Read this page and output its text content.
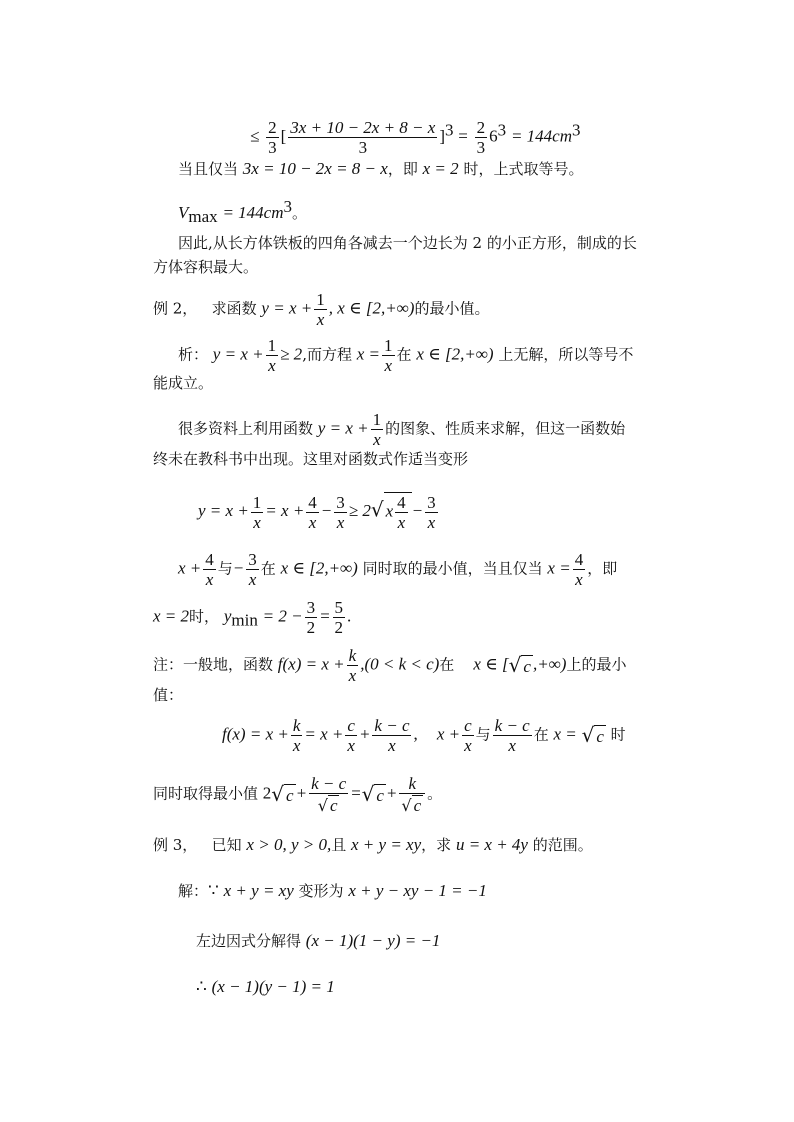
≤ $\frac{2}{3}$ [ $\frac{3x + 10 - 2x + 8 - x}{3} ]^3 = \frac{2}{3} 6^3 = 144cm^3$
当且仅当 3x = 10 − 2x = 8 − x，即 x = 2 时，上式取等号。
$V_{max} = 144cm^3$。
因此,从长方体铁板的四角各减去一个边长为 2 的小正方形，制成的长
方体容积最大。
例 2， 求函数 $y = x + \frac{1}{x}$ , x ∈ [2,+∞)的最小值。
析： $y = x + \frac{1}{x} \ge 2$,而方程 $x = \frac{1}{x}$ 在 x ∈ [2,+∞) 上无解，所以等号不
能成立。
很多资料上利用函数 $y = x + \frac{1}{x}$ 的图象、性质来求解，但这一函数始
终未在教科书中出现。这里对函数式作适当变形
$y = x + \frac{1}{x} = x + \frac{4}{x} - \frac{3}{x} \ge 2√$ x $\frac{4}{x} - \frac{3}{x}$
$x + \frac{4}{x}$ 与− $\frac{3}{x}$ 在 x ∈ [2,+∞) 同时取的最小值，当且仅当 $x = \frac{4}{x}$ ，即
x = 2时， $y_{min} = 2 - \frac{3}{2} = \frac{5}{2}$ .
注：一般地，函数 $f(x) = x + \frac{k}{x} ,(0 < k < c)$在 x ∈ [√ c ,+∞)上的最小
值：
$f(x) = x + \frac{k}{x} = x + \frac{c}{x} + \frac{k - c}{x}$ , $x + \frac{c}{x}$ 与 $\frac{k - c}{x}$ 在 x = √ c 时
同时取得最小值 2√ $c + \frac{k - c}{√ c}$ =√ $c + \frac{k}{√ c}$ 。
例 3， 已知 x > 0, y > 0,且 x + y = xy，求 u = x + 4y 的范围。
解：∵ x + y = xy 变形为 x + y − xy − 1 = −1
左边因式分解得 (x − 1)(1 − y) = −1
∴ (x − 1)(y − 1) = 1
